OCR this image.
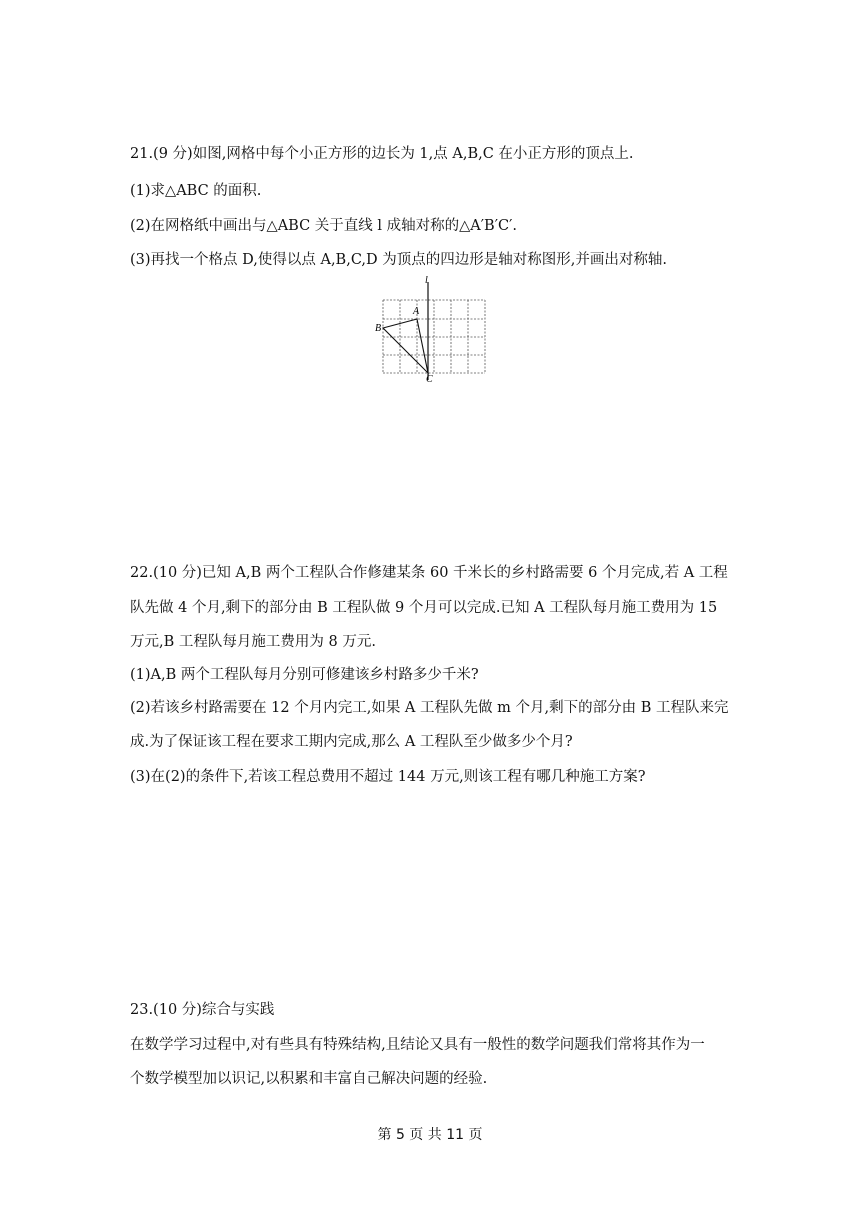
21.(9 分)如图,网格中每个小正方形的边长为 1,点 A,B,C 在小正方形的顶点上.
(1)求△ABC 的面积.
(2)在网格纸中画出与△ABC 关于直线 l 成轴对称的△A′B′C′.
(3)再找一个格点 D,使得以点 A,B,C,D 为顶点的四边形是轴对称图形,并画出对称轴.
l
A
B
C
22.(10 分)已知 A,B 两个工程队合作修建某条 60 千米长的乡村路需要 6 个月完成,若 A 工程
队先做 4 个月,剩下的部分由 B 工程队做 9 个月可以完成.已知 A 工程队每月施工费用为 15
万元,B 工程队每月施工费用为 8 万元.
(1)A,B 两个工程队每月分别可修建该乡村路多少千米?
(2)若该乡村路需要在 12 个月内完工,如果 A 工程队先做 m 个月,剩下的部分由 B 工程队来完
成.为了保证该工程在要求工期内完成,那么 A 工程队至少做多少个月?
(3)在(2)的条件下,若该工程总费用不超过 144 万元,则该工程有哪几种施工方案?
23.(10 分)综合与实践
在数学学习过程中,对有些具有特殊结构,且结论又具有一般性的数学问题我们常将其作为一
个数学模型加以识记,以积累和丰富自己解决问题的经验.
第 5 页 共 11 页
